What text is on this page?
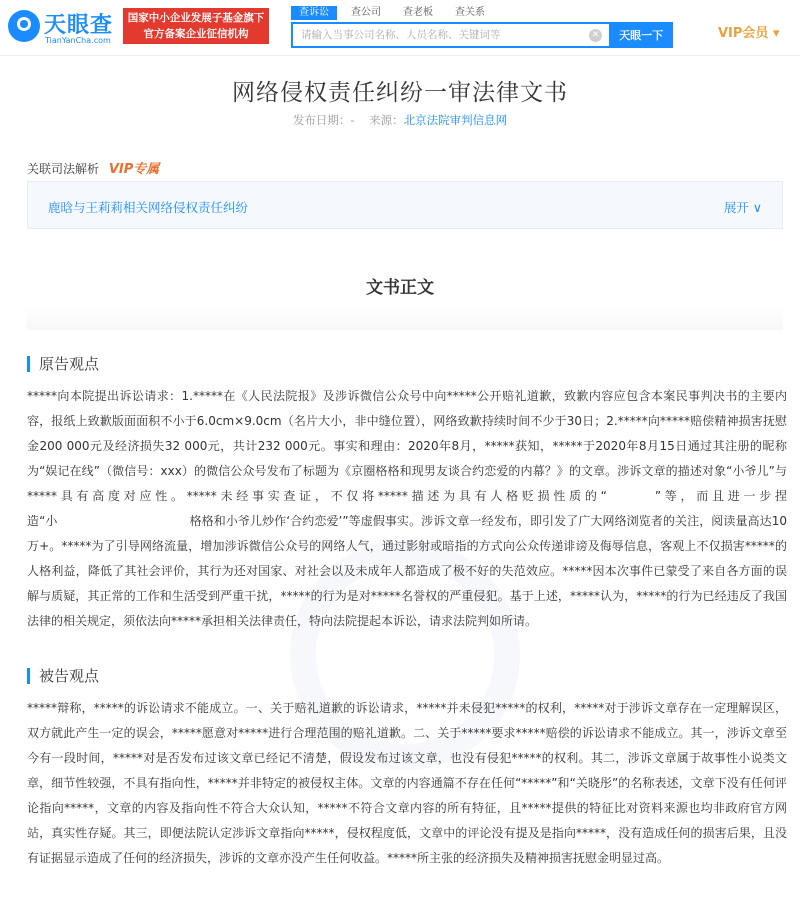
天眼查
TianYanCha.com
国家中小企业发展子基金旗下
官方备案企业征信机构
查诉讼	查公司	查老板	查关系
请输入当事公司名称、人员名称、关键词等
✕	天眼一下	VIP会员 ▾
网络侵权责任纠纷一审法律文书
发布日期：- 来源：北京法院审判信息网
关联司法解析 VIP专属
鹿晗与王莉莉相关网络侵权责任纠纷	展开 ∨
文书正文
原告观点
*****向本院提出诉讼请求：1.*****在《人民法院报》及涉诉微信公众号中向*****公开赔礼道歉，致歉内容应包含本案民事判决书的主要内容，报纸上致歉版面面积不小于6.0cm×9.0cm（名片大小，非中缝位置），网络致歉持续时间不少于30日；2.*****向*****赔偿精神损害抚慰金200 000元及经济损失32 000元，共计232 000元。事实和理由：2020年8月，*****获知，*****于2020年8月15日通过其注册的昵称为“娱记在线”（微信号：xxx）的微信公众号发布了标题为《京圈格格和现男友谈合约恋爱的内幕？》的文章。涉诉文章的描述对象“小爷儿”与*****具有高度对应性。*****未经事实查证，不仅将*****描述为具有人格贬损性质的“    ”等，而且进一步捏造“小           格格和小爷儿炒作‘合约恋爱’”等虚假事实。涉诉文章一经发布，即引发了广大网络浏览者的关注，阅读量高达10万+。*****为了引导网络流量，增加涉诉微信公众号的网络人气，通过影射或暗指的方式向公众传递诽谤及侮辱信息，客观上不仅损害*****的人格利益，降低了其社会评价，其行为还对国家、对社会以及未成年人都造成了极不好的失范效应。*****因本次事件已蒙受了来自各方面的误解与质疑，其正常的工作和生活受到严重干扰，*****的行为是对*****名誉权的严重侵犯。基于上述，*****认为，*****的行为已经违反了我国法律的相关规定，须依法向*****承担相关法律责任，特向法院提起本诉讼，请求法院判如所请。
被告观点
*****辩称，*****的诉讼请求不能成立。一、关于赔礼道歉的诉讼请求，*****并未侵犯*****的权利，*****对于涉诉文章存在一定理解误区，双方就此产生一定的误会，*****愿意对*****进行合理范围的赔礼道歉。二、关于*****要求*****赔偿的诉讼请求不能成立。其一，涉诉文章至今有一段时间，*****对是否发布过该文章已经记不清楚，假设发布过该文章，也没有侵犯*****的权利。其二，涉诉文章属于故事性小说类文章，细节性较强，不具有指向性，*****并非特定的被侵权主体。文章的内容通篇不存在任何“*****”和“关晓彤”的名称表述，文章下没有任何评论指向*****，文章的内容及指向性不符合大众认知，*****不符合文章内容的所有特征，且*****提供的特征比对资料来源也均非政府官方网站，真实性存疑。其三，即便法院认定涉诉文章指向*****，侵权程度低，文章中的评论没有提及是指向*****，没有造成任何的损害后果，且没有证据显示造成了任何的经济损失，涉诉的文章亦没产生任何收益。*****所主张的经济损失及精神损害抚慰金明显过高。
